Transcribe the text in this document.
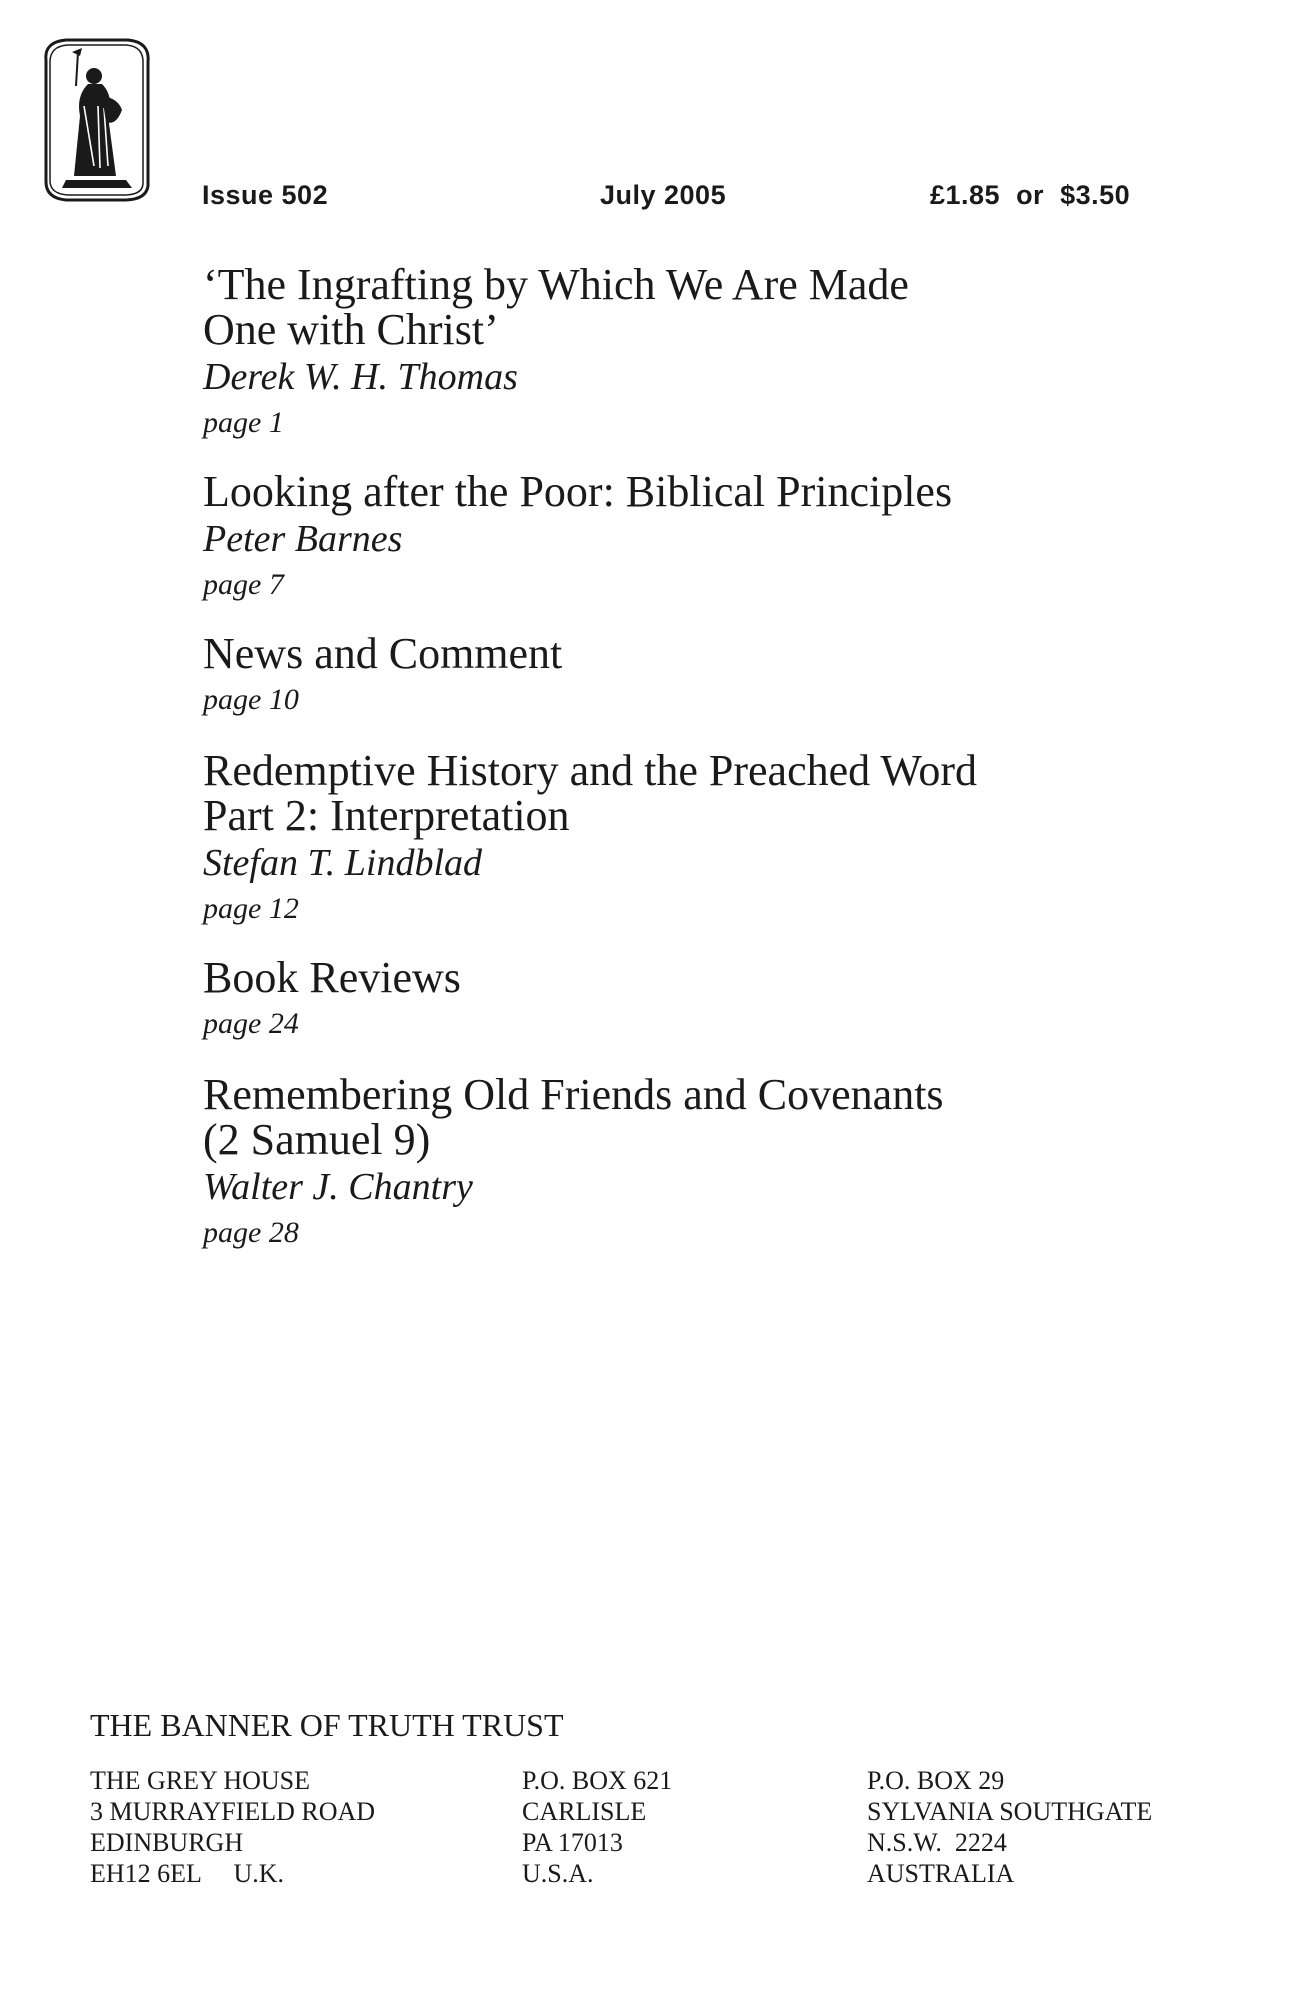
Issue 502	July 2005	£1.85  or  $3.50
‘The Ingrafting by Which We Are Made
One with Christ’
Derek W. H. Thomas
page 1
Looking after the Poor: Biblical Principles
Peter Barnes
page 7
News and Comment
page 10
Redemptive History and the Preached Word
Part 2: Interpretation
Stefan T. Lindblad
page 12
Book Reviews
page 24
Remembering Old Friends and Covenants
(2 Samuel 9)
Walter J. Chantry
page 28
THE BANNER OF TRUTH TRUST
THE GREY HOUSE
3 MURRAYFIELD ROAD
EDINBURGH
EH12 6EL     U.K.
P.O. BOX 621
CARLISLE
PA 17013
U.S.A.
P.O. BOX 29
SYLVANIA SOUTHGATE
N.S.W.  2224
AUSTRALIA
